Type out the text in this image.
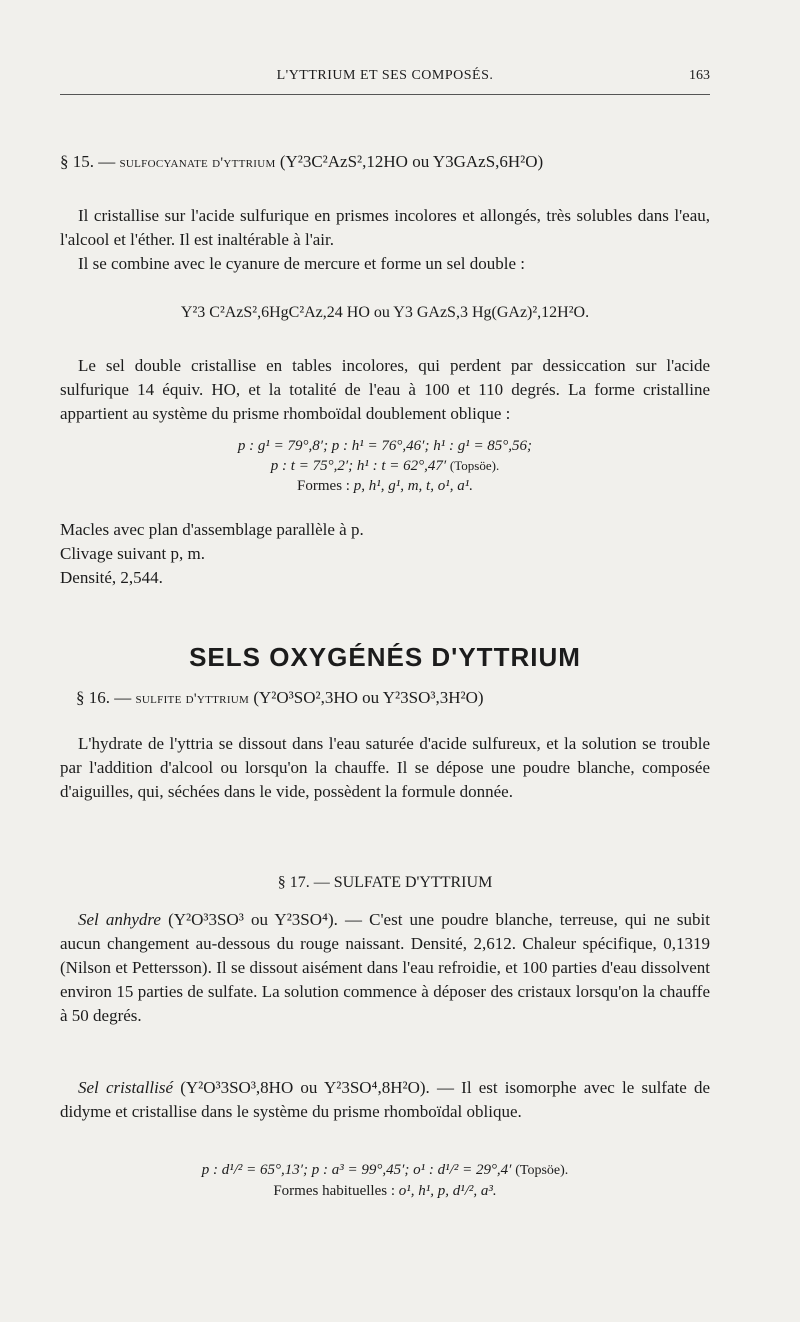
L'YTTRIUM ET SES COMPOSÉS.	163
§ 15. — sulfocyanate d'yttrium (Y²3C²AzS²,12HO ou Y3GAzS,6H²O)

Il cristallise sur l'acide sulfurique en prismes incolores et allongés, très solubles dans l'eau, l'alcool et l'éther. Il est inaltérable à l'air.

Il se combine avec le cyanure de mercure et forme un sel double :

Y²3 C²AzS²,6HgC²Az,24 HO ou Y3 GAzS,3 Hg(GAz)²,12H²O.

Le sel double cristallise en tables incolores, qui perdent par dessiccation sur l'acide sulfurique 14 équiv. HO, et la totalité de l'eau à 100 et 110 degrés. La forme cristalline appartient au système du prisme rhomboïdal doublement oblique :

p : g¹ = 79°,8′; p : h¹ = 76°,46′; h¹ : g¹ = 85°,56;
p : t = 75°,2′; h¹ : t = 62°,47′ (Topsöe).
Formes : p, h¹, g¹, m, t, o¹, a¹.
Macles avec plan d'assemblage parallèle à p.
Clivage suivant p, m.
Densité, 2,544.
SELS OXYGÉNÉS D'YTTRIUM
§ 16. — sulfite d'yttrium (Y²O³SO²,3HO ou Y²3SO³,3H²O)

L'hydrate de l'yttria se dissout dans l'eau saturée d'acide sulfureux, et la solution se trouble par l'addition d'alcool ou lorsqu'on la chauffe. Il se dépose une poudre blanche, composée d'aiguilles, qui, séchées dans le vide, possèdent la formule donnée.

§ 17. — SULFATE D'YTTRIUM

Sel anhydre (Y²O³3SO³ ou Y²3SO⁴). — C'est une poudre blanche, terreuse, qui ne subit aucun changement au-dessous du rouge naissant. Densité, 2,612. Chaleur spécifique, 0,1319 (Nilson et Pettersson). Il se dissout aisément dans l'eau refroidie, et 100 parties d'eau dissolvent environ 15 parties de sulfate. La solution commence à déposer des cristaux lorsqu'on la chauffe à 50 degrés.

Sel cristallisé (Y²O³3SO³,8HO ou Y²3SO⁴,8H²O). — Il est isomorphe avec le sulfate de didyme et cristallise dans le système du prisme rhomboïdal oblique.

p : d¹/² = 65°,13′; p : a³ = 99°,45′; o¹ : d¹/² = 29°,4′ (Topsöe).
Formes habituelles : o¹, h¹, p, d¹/², a³.
